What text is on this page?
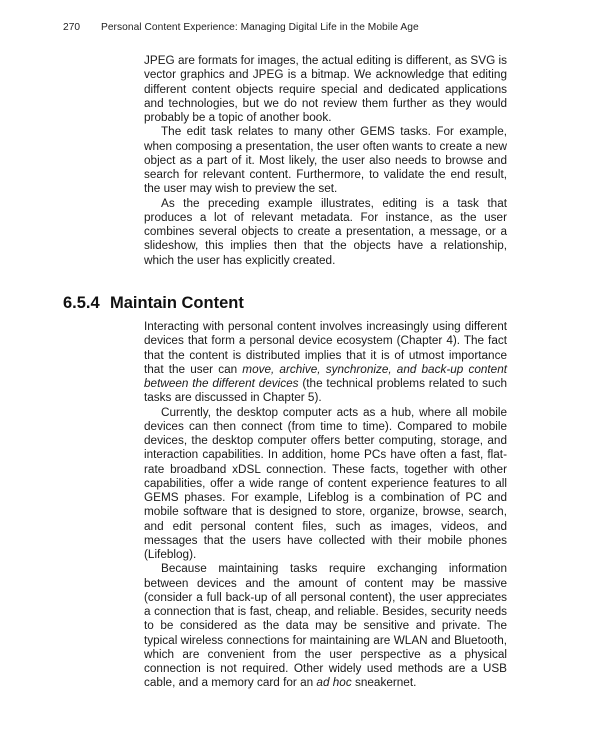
270 Personal Content Experience: Managing Digital Life in the Mobile Age

JPEG are formats for images, the actual editing is different, as SVG is vector graphics and JPEG is a bitmap. We acknowledge that editing different content objects require special and dedicated applications and technologies, but we do not review them further as they would probably be a topic of another book.

The edit task relates to many other GEMS tasks. For example, when composing a presentation, the user often wants to create a new object as a part of it. Most likely, the user also needs to browse and search for relevant content. Furthermore, to validate the end result, the user may wish to preview the set.

As the preceding example illustrates, editing is a task that produces a lot of relevant metadata. For instance, as the user combines several objects to create a presentation, a message, or a slideshow, this implies then that the objects have a relationship, which the user has explicitly created.

6.5.4 Maintain Content

Interacting with personal content involves increasingly using different devices that form a personal device ecosystem (Chapter 4). The fact that the content is distributed implies that it is of utmost importance that the user can move, archive, synchronize, and back-up content between the different devices (the technical problems related to such tasks are discussed in Chapter 5).

Currently, the desktop computer acts as a hub, where all mobile devices can then connect (from time to time). Compared to mobile devices, the desktop computer offers better computing, storage, and interaction capabilities. In addition, home PCs have often a fast, flat-rate broadband xDSL connection. These facts, together with other capabilities, offer a wide range of content experience features to all GEMS phases. For example, Lifeblog is a combination of PC and mobile software that is designed to store, organize, browse, search, and edit personal content files, such as images, videos, and messages that the users have collected with their mobile phones (Lifeblog).

Because maintaining tasks require exchanging information between devices and the amount of content may be massive (consider a full back-up of all personal content), the user appreciates a connection that is fast, cheap, and reliable. Besides, security needs to be considered as the data may be sensitive and private. The typical wireless connections for maintaining are WLAN and Bluetooth, which are convenient from the user perspective as a physical connection is not required. Other widely used methods are a USB cable, and a memory card for an ad hoc sneakernet.
